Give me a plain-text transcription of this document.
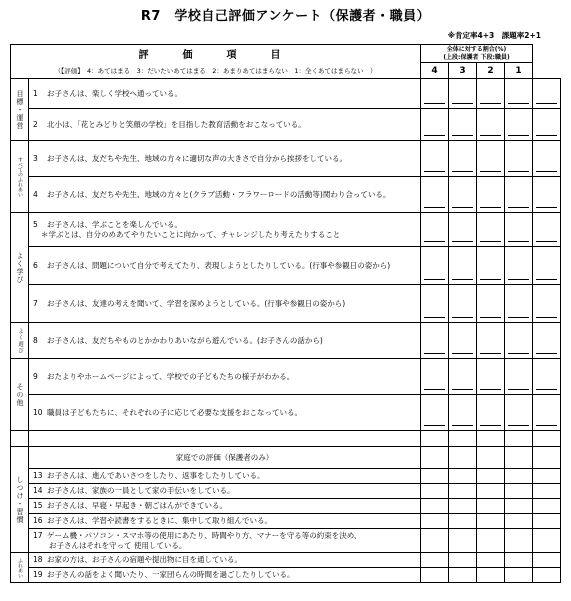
R7　学校自己評価アンケート（保護者・職員）
※肯定率4+3　課題率2+1
評　価　項　目		全体に対する割合(%)
(上段:保護者 下段:職員)				
（【評価】　4：あてはまる　3：だいたいあてはまる　2：あまりあてはまらない　1：全くあてはまらない　）		4	3	2	1	
目標・運営	1 お子さんは、楽しく学校へ通っている。	

	2 北小は、「花とみどりと笑顔の学校」を目指した教育活動をおこなっている。	

すべてのふれあい	3 お子さんは、友だちや先生、地域の方々に適切な声の大きさで自分から挨拶をしている。	

	4 お子さんは、友だちや先生、地域の方々と(クラブ活動・フラワーロードの活動等)関わり合っている。	

よく学び	5 お子さんは、学ぶことを楽しんでいる。
＊学ぶとは、自分のめあてやりたいことに向かって、チャレンジしたり考えたりすること					

	6 お子さんは、問題について自分で考えてたり、表現しようとしたりしている。(行事や参観日の姿から)	

	7 お子さんは、友達の考えを聞いて、学習を深めようとしている。(行事や参観日の姿から)	

よく遊び	8 お子さんは、友だちやものとかかわりあいながら遊んでいる。(お子さんの話から)	

その他	9 おたよりやホームページによって、学校での子どもたちの様子がわかる。	

	10 職員は子どもたちに、それぞれの子に応じて必要な支援をおこなっている。	

しつけ・習慣	家庭での評価（保護者のみ）					
	13 お子さんは、進んであいさつをしたり、返事をしたりしている。					
	14 お子さんは、家族の一員として家の手伝いをしている。					
	15 お子さんは、早寝・早起き・朝ごはんができている。					
	16 お子さんは、学習や読書をするときに、集中して取り組んでいる。					
	17 ゲーム機・パソコン・スマホ等の使用にあたり、時間やり方、マナーを守る等の約束を決め、
お子さんはそれを守って 使用している。					

ふれあい	18 お家の方は、お子さんの宿題や提出物に目を通している。					
	19 お子さんの話をよく聞いたり、一家団らんの時間を過ごしたりしている。					
